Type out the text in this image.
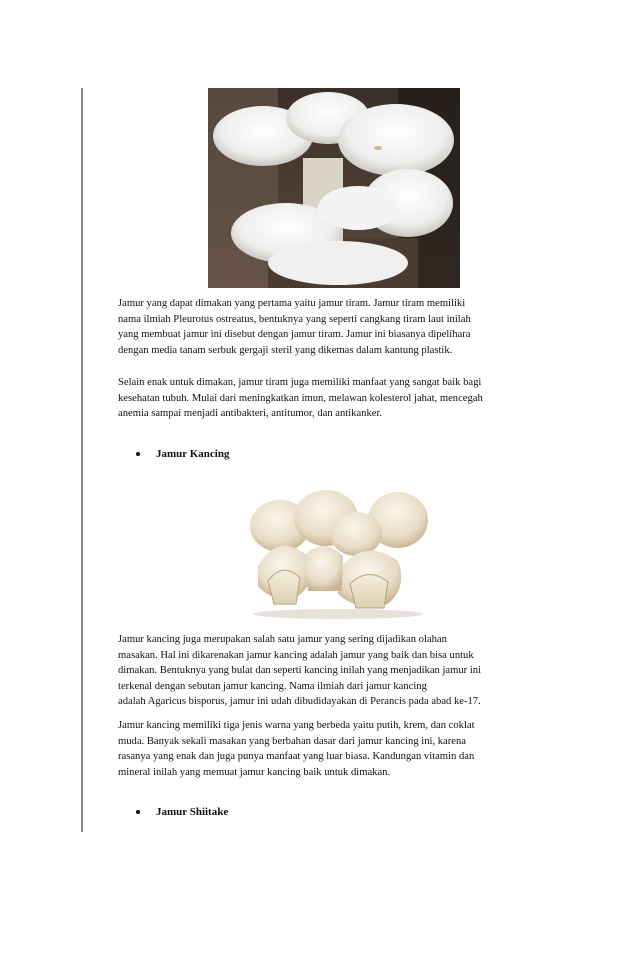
Jamur yang dapat dimakan yang pertama yaitu jamur tiram. Jamur tiram memiliki
nama ilmiah Pleurotus ostreatus, bentuknya yang seperti cangkang tiram laut inilah
yang membuat jamur ini disebut dengan jamur tiram. Jamur ini biasanya dipelihara
dengan media tanam serbuk gergaji steril yang dikemas dalam kantung plastik.

Selain enak untuk dimakan, jamur tiram juga memiliki manfaat yang sangat baik bagi
kesehatan tubuh. Mulai dari meningkatkan imun, melawan kolesterol jahat, mencegah
anemia sampai menjadi antibakteri, antitumor, dan antikanker.

Jamur Kancing

Jamur kancing juga merupakan salah satu jamur yang sering dijadikan olahan
masakan. Hal ini dikarenakan jamur kancing adalah jamur yang baik dan bisa untuk
dimakan. Bentuknya yang bulat dan seperti kancing inilah yang menjadikan jamur ini
terkenal dengan sebutan jamur kancing. Nama ilmiah dari jamur kancing
adalah Agaricus bisporus, jamur ini udah dibudidayakan di Perancis pada abad ke-17.

Jamur kancing memiliki tiga jenis warna yang berbeda yaitu putih, krem, dan coklat
muda. Banyak sekali masakan yang berbahan dasar dari jamur kancing ini, karena
rasanya yang enak dan juga punya manfaat yang luar biasa. Kandungan vitamin dan
mineral inilah yang memuat jamur kancing baik untuk dimakan.

Jamur Shiitake
